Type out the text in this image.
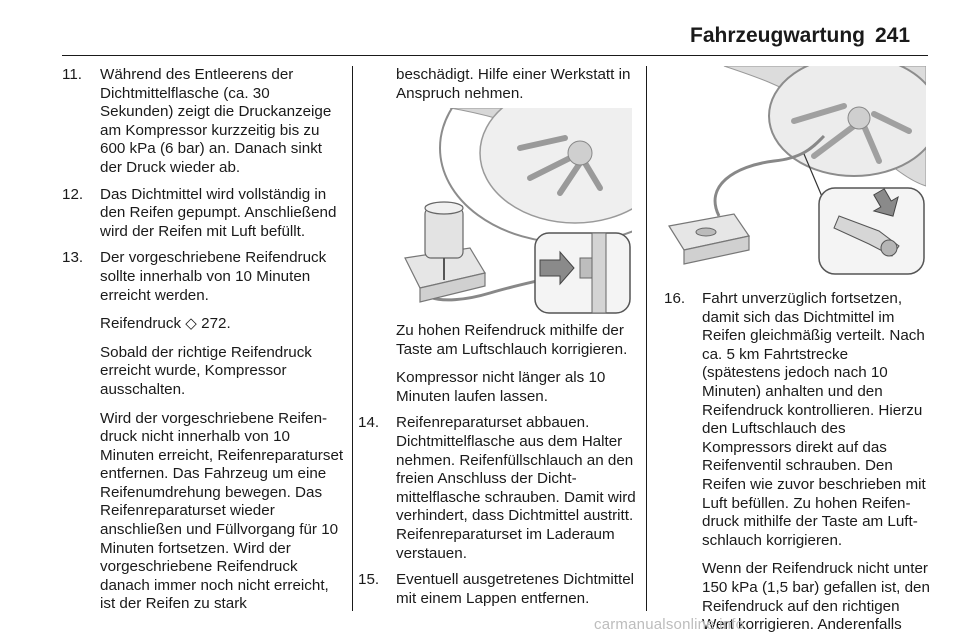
Fahrzeugwartung 241
11. Während des Entleerens der Dichtmittelflasche (ca. 30 Sekunden) zeigt die Druckanzeige am Kompressor kurzzeitig bis zu 600 kPa (6 bar) an. Danach sinkt der Druck wieder ab.

12. Das Dichtmittel wird vollständig in den Reifen gepumpt. Anschließend wird der Reifen mit Luft befüllt.

13. Der vorgeschriebene Reifendruck sollte innerhalb von 10 Minuten erreicht werden.

Reifendruck ◇ 272.

Sobald der richtige Reifendruck erreicht wurde, Kompressor ausschalten.

Wird der vorgeschriebene Reifendruck nicht innerhalb von 10 Minuten erreicht, Reifenreparaturset entfernen. Das Fahrzeug um eine Reifenumdrehung bewegen. Das Reifenreparaturset wieder anschließen und Füllvorgang für 10 Minuten fortsetzen. Wird der vorgeschriebene Reifendruck danach immer noch nicht erreicht, ist der Reifen zu stark

beschädigt. Hilfe einer Werkstatt in Anspruch nehmen.

Zu hohen Reifendruck mithilfe der Taste am Luftschlauch korrigieren.

Kompressor nicht länger als 10 Minuten laufen lassen.

14. Reifenreparaturset abbauen. Dichtmittelflasche aus dem Halter nehmen. Reifenfüllschlauch an den freien Anschluss der Dichtmittelflasche schrauben. Damit wird verhindert, dass Dichtmittel austritt. Reifenreparaturset im Laderaum verstauen.

15. Eventuell ausgetretenes Dichtmittel mit einem Lappen entfernen.

16. Fahrt unverzüglich fortsetzen, damit sich das Dichtmittel im Reifen gleichmäßig verteilt. Nach ca. 5 km Fahrtstrecke (spätestens jedoch nach 10 Minuten) anhalten und den Reifendruck kontrollieren. Hierzu den Luftschlauch des Kompressors direkt auf das Reifenventil schrauben. Den Reifen wie zuvor beschrieben mit Luft befüllen. Zu hohen Reifendruck mithilfe der Taste am Luftschlauch korrigieren.

Wenn der Reifendruck nicht unter 150 kPa (1,5 bar) gefallen ist, den Reifendruck auf den richtigen Wert korrigieren. Anderenfalls

carmanualsonline.info
